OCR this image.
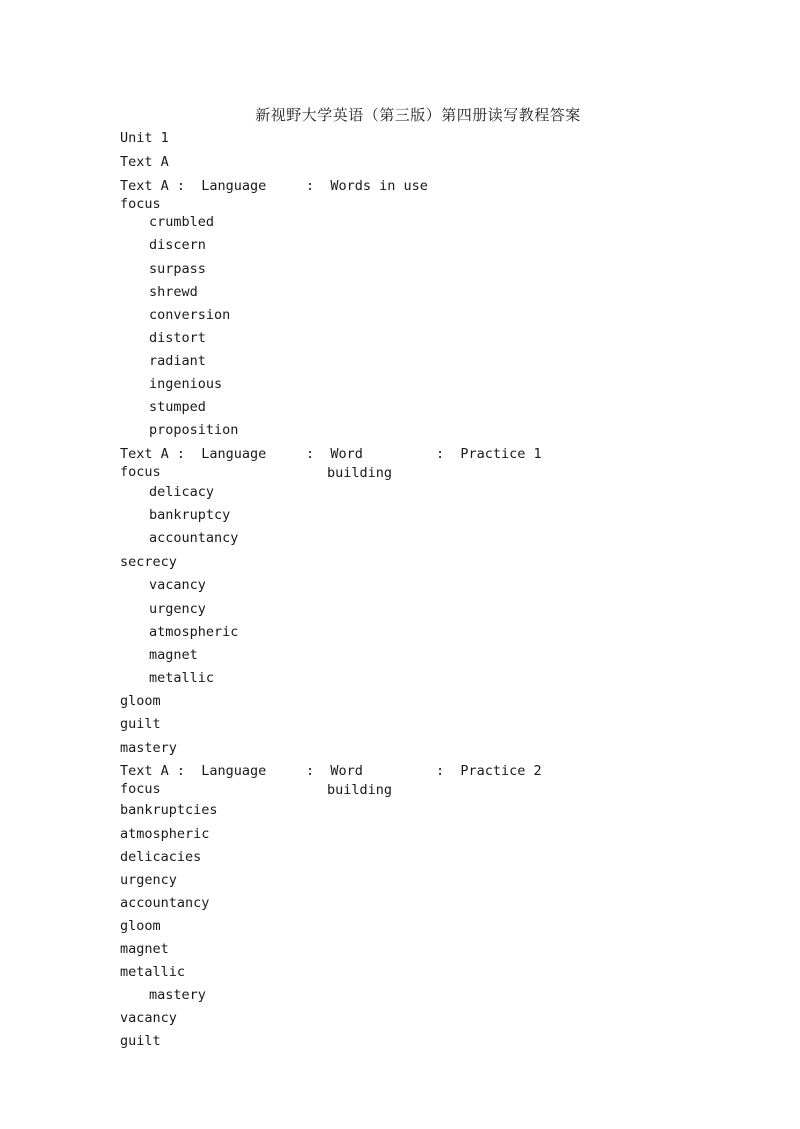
新视野大学英语（第三版）第四册读写教程答案
Unit 1
Text A
Text A :  Language
focus
:  Words in use
crumbled
discern
surpass
shrewd
conversion
distort
radiant
ingenious
stumped
proposition
Text A :  Language
focus
:  Word
building
:  Practice 1
delicacy
bankruptcy
accountancy
secrecy
vacancy
urgency
atmospheric
magnet
metallic
gloom
guilt
mastery
Text A :  Language
focus
:  Word
building
:  Practice 2
bankruptcies
atmospheric
delicacies
urgency
accountancy
gloom
magnet
metallic
mastery
vacancy
guilt
